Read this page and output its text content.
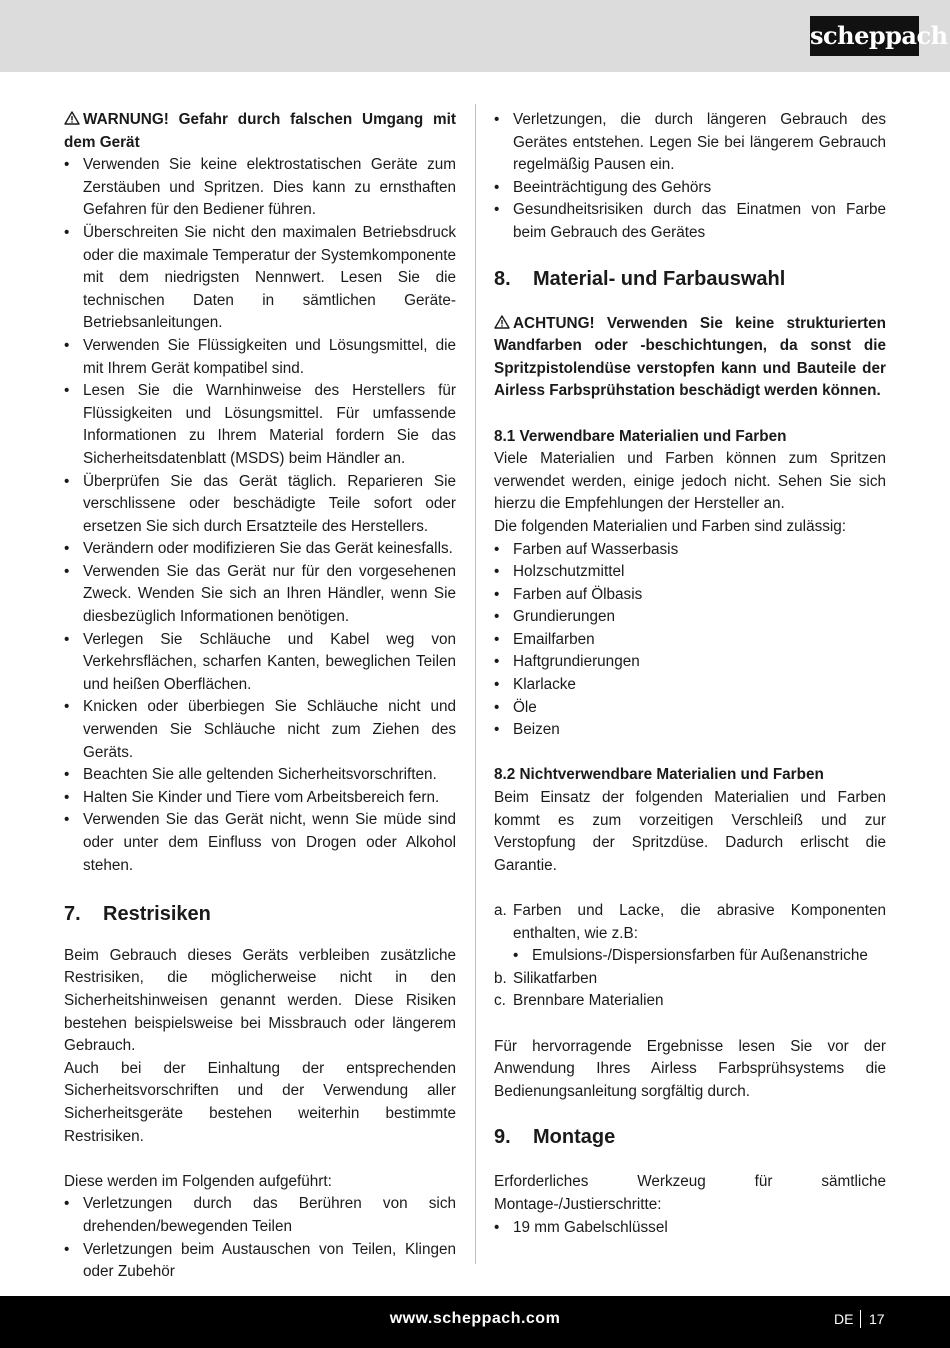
scheppach

WARNUNG! Gefahr durch falschen Umgang mit dem Gerät

• Verwenden Sie keine elektrostatischen Geräte zum Zerstäuben und Spritzen. Dies kann zu ernsthaften Gefahren für den Bediener führen.
• Überschreiten Sie nicht den maximalen Betriebsdruck oder die maximale Temperatur der Systemkomponente mit dem niedrigsten Nennwert. Lesen Sie die technischen Daten in sämtlichen Geräte-Betriebsanleitungen.
• Verwenden Sie Flüssigkeiten und Lösungsmittel, die mit Ihrem Gerät kompatibel sind.
• Lesen Sie die Warnhinweise des Herstellers für Flüssigkeiten und Lösungsmittel. Für umfassende Informationen zu Ihrem Material fordern Sie das Sicherheitsdatenblatt (MSDS) beim Händler an.
• Überprüfen Sie das Gerät täglich. Reparieren Sie verschlissene oder beschädigte Teile sofort oder ersetzen Sie sich durch Ersatzteile des Herstellers.
• Verändern oder modifizieren Sie das Gerät keinesfalls.
• Verwenden Sie das Gerät nur für den vorgesehenen Zweck. Wenden Sie sich an Ihren Händler, wenn Sie diesbezüglich Informationen benötigen.
• Verlegen Sie Schläuche und Kabel weg von Verkehrsflächen, scharfen Kanten, beweglichen Teilen und heißen Oberflächen.
• Knicken oder überbiegen Sie Schläuche nicht und verwenden Sie Schläuche nicht zum Ziehen des Geräts.
• Beachten Sie alle geltenden Sicherheitsvorschriften.
• Halten Sie Kinder und Tiere vom Arbeitsbereich fern.
• Verwenden Sie das Gerät nicht, wenn Sie müde sind oder unter dem Einfluss von Drogen oder Alkohol stehen.
7.	Restrisiken

Beim Gebrauch dieses Geräts verbleiben zusätzliche Restrisiken, die möglicherweise nicht in den Sicherheitshinweisen genannt werden. Diese Risiken bestehen beispielsweise bei Missbrauch oder längerem Gebrauch.

Auch bei der Einhaltung der entsprechenden Sicherheitsvorschriften und der Verwendung aller Sicherheitsgeräte bestehen weiterhin bestimmte Restrisiken.

Diese werden im Folgenden aufgeführt:

• Verletzungen durch das Berühren von sich drehenden/bewegenden Teilen
• Verletzungen beim Austauschen von Teilen, Klingen oder Zubehör
• Verletzungen, die durch längeren Gebrauch des Gerätes entstehen. Legen Sie bei längerem Gebrauch regelmäßig Pausen ein.
• Beeinträchtigung des Gehörs
• Gesundheitsrisiken durch das Einatmen von Farbe beim Gebrauch des Gerätes
8.	Material- und Farbauswahl

ACHTUNG! Verwenden Sie keine strukturierten Wandfarben oder -beschichtungen, da sonst die Spritzpistolendüse verstopfen kann und Bauteile der Airless Farbsprühstation beschädigt werden können.

8.1 Verwendbare Materialien und Farben

Viele Materialien und Farben können zum Spritzen verwendet werden, einige jedoch nicht. Sehen Sie sich hierzu die Empfehlungen der Hersteller an.

Die folgenden Materialien und Farben sind zulässig:

• Farben auf Wasserbasis
• Holzschutzmittel
• Farben auf Ölbasis
• Grundierungen
• Emailfarben
• Haftgrundierungen
• Klarlacke
• Öle
• Beizen

8.2 Nichtverwendbare Materialien und Farben

Beim Einsatz der folgenden Materialien und Farben kommt es zum vorzeitigen Verschleiß und zur Verstopfung der Spritzdüse. Dadurch erlischt die Garantie.

a. Farben und Lacke, die abrasive Komponenten enthalten, wie z.B:
• Emulsions-/Dispersionsfarben für Außenanstriche
b. Silikatfarben
c. Brennbare Materialien

Für hervorragende Ergebnisse lesen Sie vor der Anwendung Ihres Airless Farbsprühsystems die Bedienungsanleitung sorgfältig durch.

9.	Montage

Erforderliches Werkzeug für sämtliche Montage-/Justierschritte:

• 19 mm Gabelschlüssel
www.scheppach.com	DE 17
